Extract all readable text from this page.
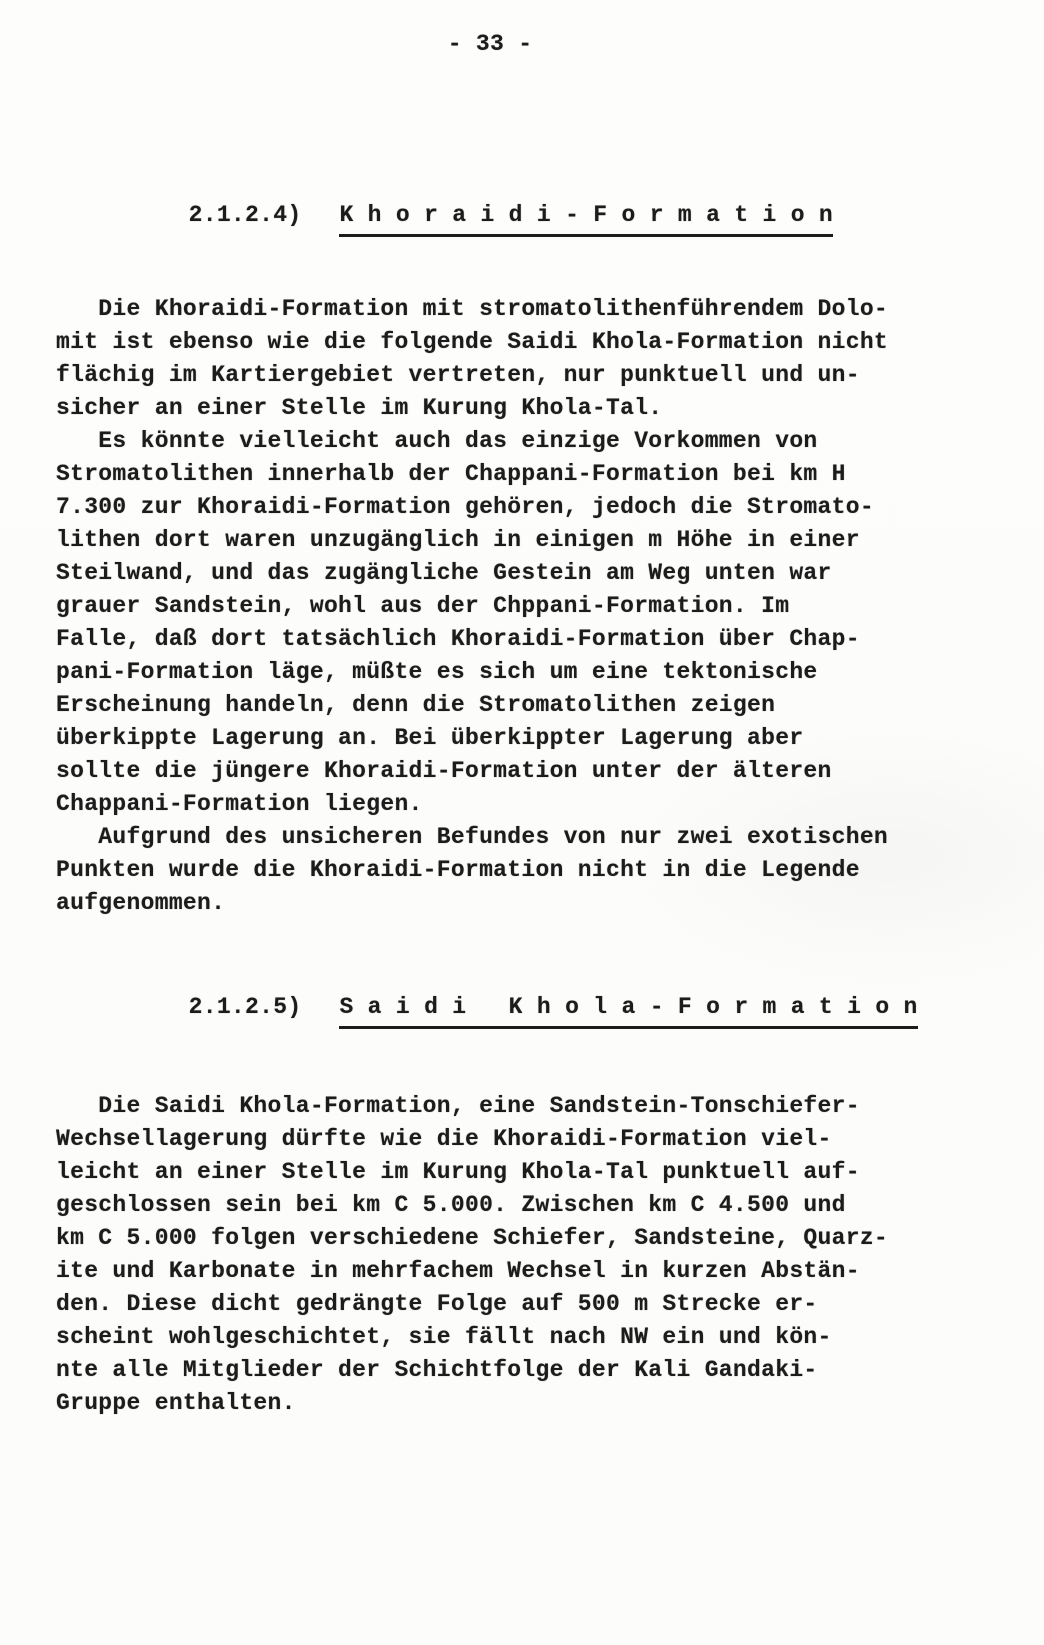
- 33 -

2.1.2.4) K h o r a i d i - F o r m a t i o n

Die Khoraidi-Formation mit stromatolithenführendem Dolo-
mit ist ebenso wie die folgende Saidi Khola-Formation nicht
flächig im Kartiergebiet vertreten, nur punktuell und un-
sicher an einer Stelle im Kurung Khola-Tal.
Es könnte vielleicht auch das einzige Vorkommen von
Stromatolithen innerhalb der Chappani-Formation bei km H
7.300 zur Khoraidi-Formation gehören, jedoch die Stromato-
lithen dort waren unzugänglich in einigen m Höhe in einer
Steilwand, und das zugängliche Gestein am Weg unten war
grauer Sandstein, wohl aus der Chppani-Formation. Im
Falle, daß dort tatsächlich Khoraidi-Formation über Chap-
pani-Formation läge, müßte es sich um eine tektonische
Erscheinung handeln, denn die Stromatolithen zeigen
überkippte Lagerung an. Bei überkippter Lagerung aber
sollte die jüngere Khoraidi-Formation unter der älteren
Chappani-Formation liegen.
Aufgrund des unsicheren Befundes von nur zwei exotischen
Punkten wurde die Khoraidi-Formation nicht in die Legende
aufgenommen.

2.1.2.5) S a i d i   K h o l a - F o r m a t i o n

Die Saidi Khola-Formation, eine Sandstein-Tonschiefer-
Wechsellagerung dürfte wie die Khoraidi-Formation viel-
leicht an einer Stelle im Kurung Khola-Tal punktuell auf-
geschlossen sein bei km C 5.000. Zwischen km C 4.500 und
km C 5.000 folgen verschiedene Schiefer, Sandsteine, Quarz-
ite und Karbonate in mehrfachem Wechsel in kurzen Abstän-
den. Diese dicht gedrängte Folge auf 500 m Strecke er-
scheint wohlgeschichtet, sie fällt nach NW ein und kön-
nte alle Mitglieder der Schichtfolge der Kali Gandaki-
Gruppe enthalten.
